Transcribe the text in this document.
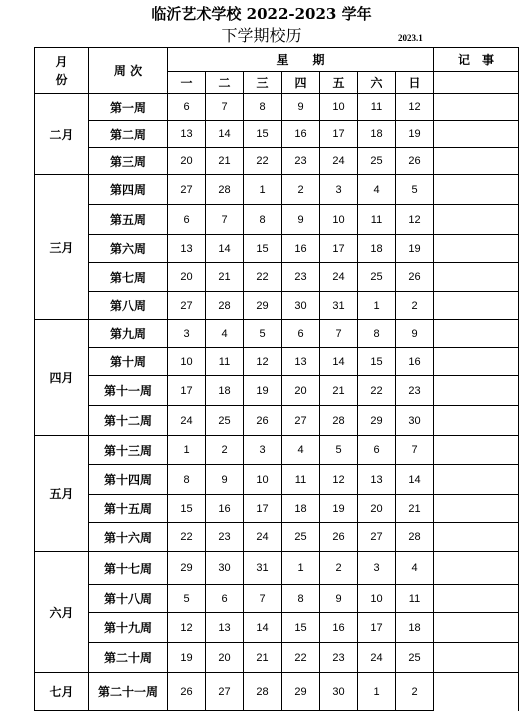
临沂艺术学校 2022-2023 学年
下学期校历	2023.1
月
份	周 次	星　　期							记　事
		一	二	三	四	五	六	日	
二月	第一周	6	7	8	9	10	11	12	
	第二周	13	14	15	16	17	18	19	
	第三周	20	21	22	23	24	25	26	
三月	第四周	27	28	1	2	3	4	5	
	第五周	6	7	8	9	10	11	12	
	第六周	13	14	15	16	17	18	19	
	第七周	20	21	22	23	24	25	26	
	第八周	27	28	29	30	31	1	2	
四月	第九周	3	4	5	6	7	8	9	
	第十周	10	11	12	13	14	15	16	
	第十一周	17	18	19	20	21	22	23	
	第十二周	24	25	26	27	28	29	30	
五月	第十三周	1	2	3	4	5	6	7	
	第十四周	8	9	10	11	12	13	14	
	第十五周	15	16	17	18	19	20	21	
	第十六周	22	23	24	25	26	27	28	
六月	第十七周	29	30	31	1	2	3	4	
	第十八周	5	6	7	8	9	10	11	
	第十九周	12	13	14	15	16	17	18	
	第二十周	19	20	21	22	23	24	25	
七月	第二十一周	26	27	28	29	30	1	2	
